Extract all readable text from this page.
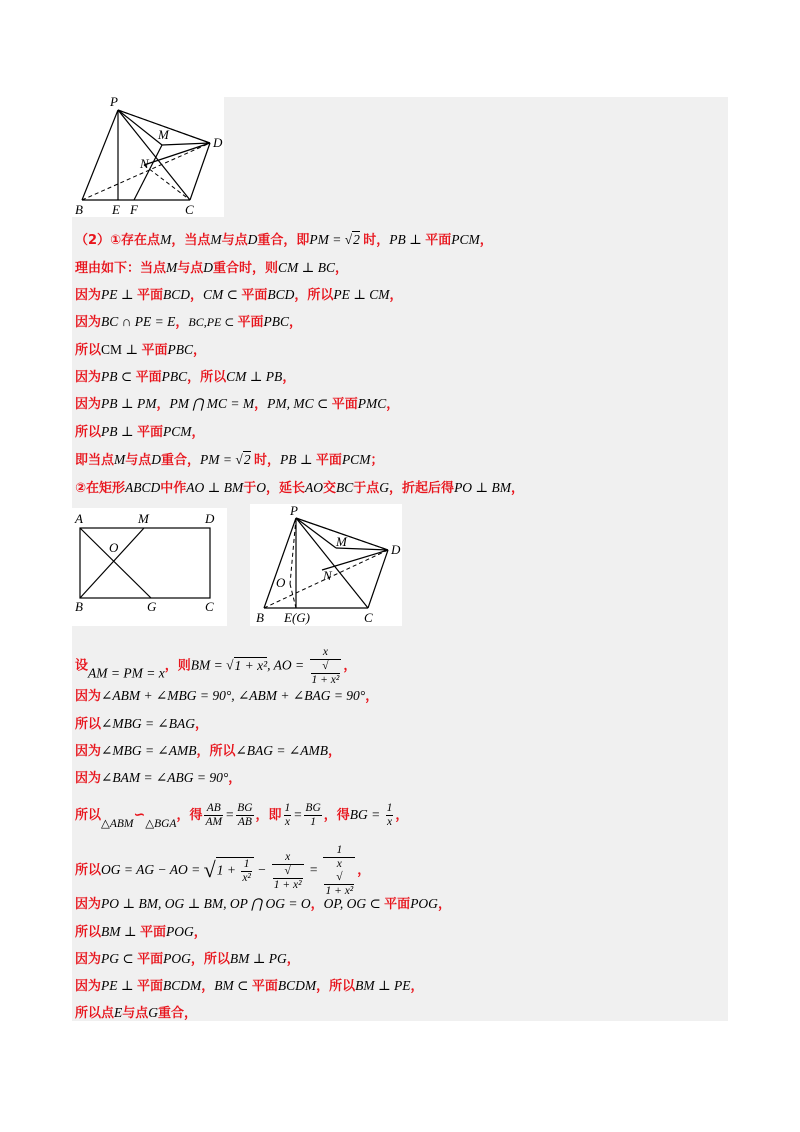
P
M
D
N
B E F	C
（2）①存在点M，当点M与点D重合，即PM = √2 时，PB ⊥ 平面PCM，
理由如下：当点M与点D重合时，则CM ⊥ BC，
因为PE ⊥ 平面BCD，CM ⊂ 平面BCD，所以PE ⊥ CM，
因为BC ∩ PE = E，BC,PE ⊂ 平面PBC，
所以CM ⊥ 平面PBC，
因为PB ⊂ 平面PBC，所以CM ⊥ PB，
因为PB ⊥ PM，PM ⋂ MC = M，PM, MC ⊂ 平面PMC，
所以PB ⊥ 平面PCM，
即当点M与点D重合，PM = √2 时，PB ⊥ 平面PCM；
②在矩形ABCD中作AO ⊥ BM于O，延长AO交BC于点G，折起后得PO ⊥ BM，
A	M	D
O
B	G	C
P
M
D
N
O
B E(G)	C
设AM = PM = x，则BM = √1 + x², AO = x
√
1 + x² ，
因为∠ABM + ∠MBG = 90°, ∠ABM + ∠BAG = 90°，
所以∠MBG = ∠BAG，
因为∠MBG = ∠AMB，所以∠BAG = ∠AMB，
因为∠BAM = ∠ABG = 90°，
所以△ABM∽△BGA，得 $\frac{AB}{AM} = \frac{BG}{AB}$ ，即 $\frac{1}{x} = \frac{BG}{1}$ ，得BG = $\frac{1}{x}$ ，
所以OG = AG − AO = $√1 + \frac{1}{\text{x²}} - x$
√
1 + x² = 1
x
√
1 + x² ，
因为PO ⊥ BM, OG ⊥ BM, OP ⋂ OG = O，OP, OG ⊂ 平面POG，
所以BM ⊥ 平面POG，
因为PG ⊂ 平面POG，所以BM ⊥ PG，
因为PE ⊥ 平面BCDM，BM ⊂ 平面BCDM，所以BM ⊥ PE，
所以点E与点G重合，
